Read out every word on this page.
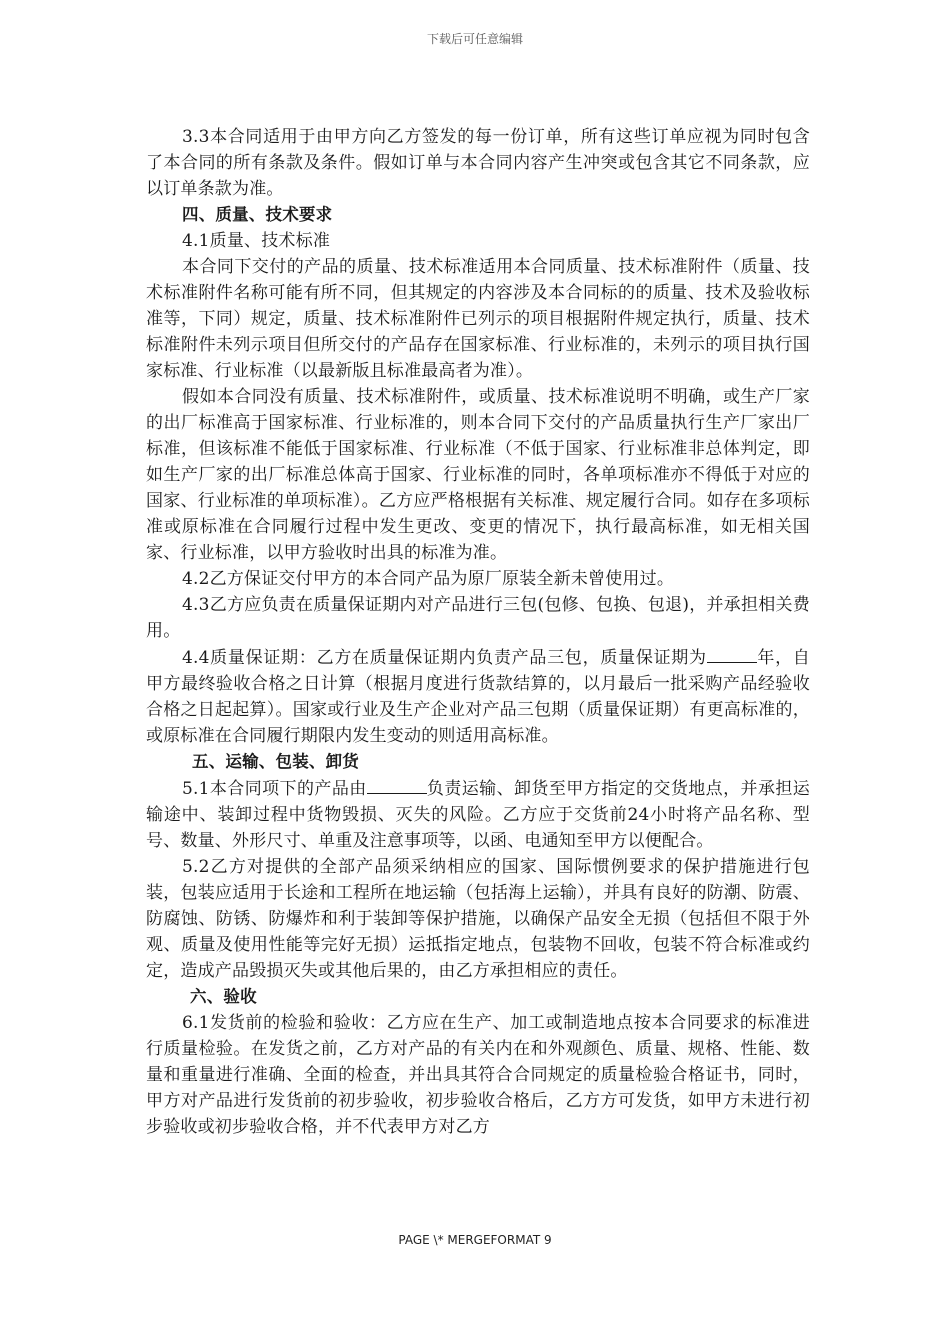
下载后可任意编辑

3.3本合同适用于由甲方向乙方签发的每一份订单，所有这些订单应视为同时包含了本合同的所有条款及条件。假如订单与本合同内容产生冲突或包含其它不同条款，应以订单条款为准。

四、质量、技术要求

4.1质量、技术标准

本合同下交付的产品的质量、技术标准适用本合同质量、技术标准附件（质量、技术标准附件名称可能有所不同，但其规定的内容涉及本合同标的的质量、技术及验收标准等，下同）规定，质量、技术标准附件已列示的项目根据附件规定执行，质量、技术标准附件未列示项目但所交付的产品存在国家标准、行业标准的，未列示的项目执行国家标准、行业标准（以最新版且标准最高者为准）。

假如本合同没有质量、技术标准附件，或质量、技术标准说明不明确，或生产厂家的出厂标准高于国家标准、行业标准的，则本合同下交付的产品质量执行生产厂家出厂标准，但该标准不能低于国家标准、行业标准（不低于国家、行业标准非总体判定，即如生产厂家的出厂标准总体高于国家、行业标准的同时，各单项标准亦不得低于对应的国家、行业标准的单项标准）。乙方应严格根据有关标准、规定履行合同。如存在多项标准或原标准在合同履行过程中发生更改、变更的情况下，执行最高标准，如无相关国家、行业标准，以甲方验收时出具的标准为准。

4.2乙方保证交付甲方的本合同产品为原厂原装全新未曾使用过。

4.3乙方应负责在质量保证期内对产品进行三包(包修、包换、包退)，并承担相关费用。

4.4质量保证期：乙方在质量保证期内负责产品三包，质量保证期为	年，自甲方最终验收合格之日计算（根据月度进行货款结算的，以月最后一批采购产品经验收合格之日起起算）。国家或行业及生产企业对产品三包期（质量保证期）有更高标准的，或原标准在合同履行期限内发生变动的则适用高标准。

五、运输、包装、卸货

5.1本合同项下的产品由	负责运输、卸货至甲方指定的交货地点，并承担运输途中、装卸过程中货物毁损、灭失的风险。乙方应于交货前24小时将产品名称、型号、数量、外形尺寸、单重及注意事项等，以函、电通知至甲方以便配合。

5.2乙方对提供的全部产品须采纳相应的国家、国际惯例要求的保护措施进行包装，包装应适用于长途和工程所在地运输（包括海上运输），并具有良好的防潮、防震、防腐蚀、防锈、防爆炸和利于装卸等保护措施，以确保产品安全无损（包括但不限于外观、质量及使用性能等完好无损）运抵指定地点，包装物不回收，包装不符合标准或约定，造成产品毁损灭失或其他后果的，由乙方承担相应的责任。

六、验收

6.1发货前的检验和验收：乙方应在生产、加工或制造地点按本合同要求的标准进行质量检验。在发货之前，乙方对产品的有关内在和外观颜色、质量、规格、性能、数量和重量进行准确、全面的检查，并出具其符合合同规定的质量检验合格证书，同时，甲方对产品进行发货前的初步验收，初步验收合格后，乙方方可发货，如甲方未进行初步验收或初步验收合格，并不代表甲方对乙方

PAGE \* MERGEFORMAT 9
